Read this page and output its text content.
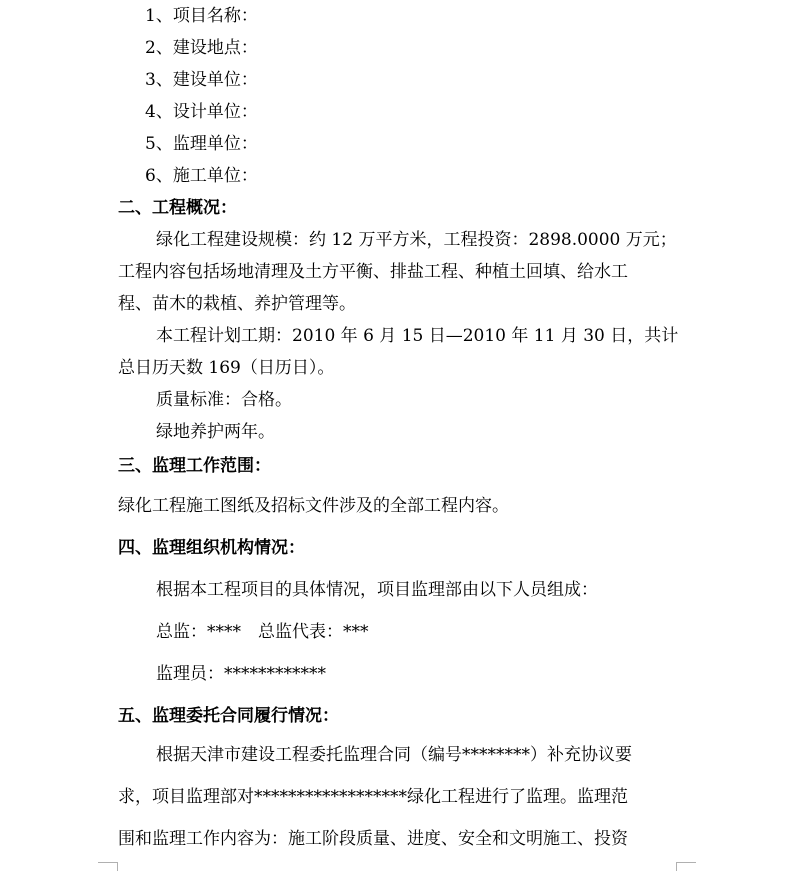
1、项目名称：
2、建设地点：
3、建设单位：
4、设计单位：
5、监理单位：
6、施工单位：
二、工程概况：
绿化工程建设规模：约 12 万平方米，工程投资：2898.0000 万元；
工程内容包括场地清理及土方平衡、排盐工程、种植土回填、给水工
程、苗木的栽植、养护管理等。
本工程计划工期：2010 年 6 月 15 日—2010 年 11 月 30 日，共计
总日历天数 169（日历日）。
质量标准：合格。
绿地养护两年。
三、监理工作范围：
绿化工程施工图纸及招标文件涉及的全部工程内容。
四、监理组织机构情况：
根据本工程项目的具体情况，项目监理部由以下人员组成：
总监：****　总监代表：***
监理员：************
五、监理委托合同履行情况：
根据天津市建设工程委托监理合同（编号********）补充协议要
求，项目监理部对******************绿化工程进行了监理。监理范
围和监理工作内容为：施工阶段质量、进度、安全和文明施工、投资
